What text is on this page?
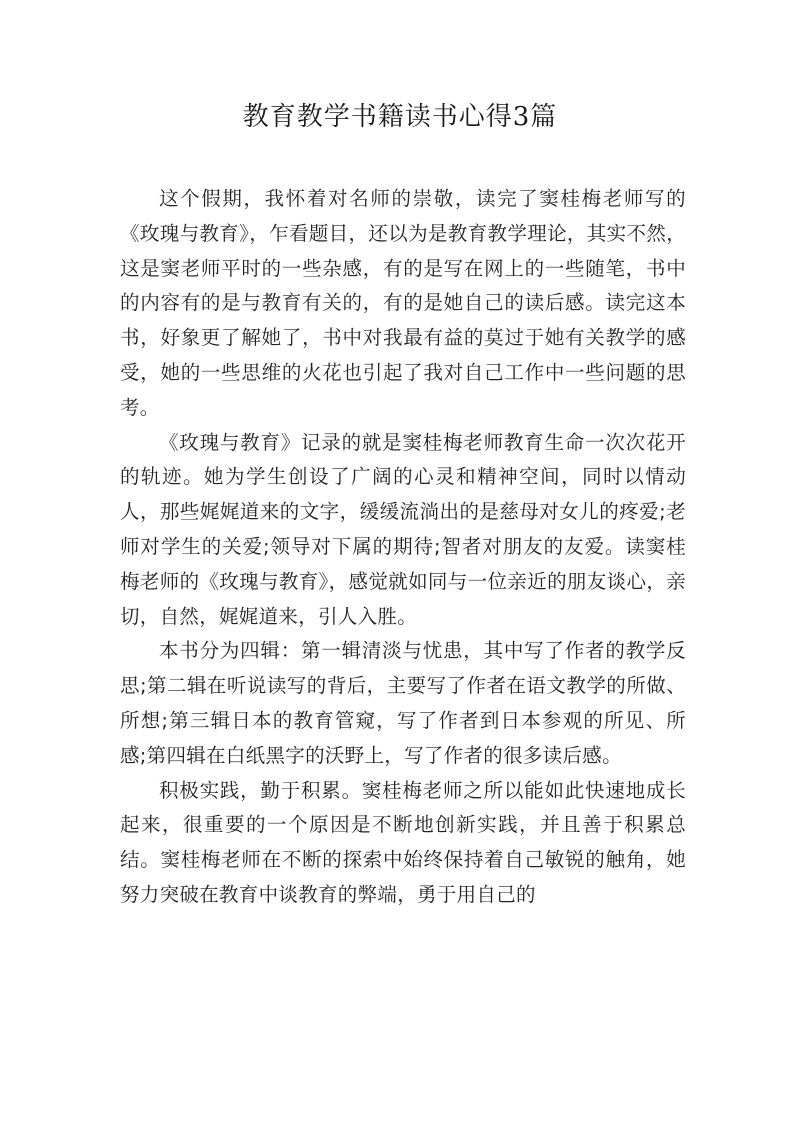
教育教学书籍读书心得3篇

这个假期，我怀着对名师的崇敬，读完了窦桂梅老师写的《玫瑰与教育》，乍看题目，还以为是教育教学理论，其实不然，这是窦老师平时的一些杂感，有的是写在网上的一些随笔，书中的内容有的是与教育有关的，有的是她自己的读后感。读完这本书，好象更了解她了，书中对我最有益的莫过于她有关教学的感受，她的一些思维的火花也引起了我对自己工作中一些问题的思考。

《玫瑰与教育》记录的就是窦桂梅老师教育生命一次次花开的轨迹。她为学生创设了广阔的心灵和精神空间，同时以情动人，那些娓娓道来的文字，缓缓流淌出的是慈母对女儿的疼爱;老师对学生的关爱;领导对下属的期待;智者对朋友的友爱。读窦桂梅老师的《玫瑰与教育》，感觉就如同与一位亲近的朋友谈心，亲切，自然，娓娓道来，引人入胜。

本书分为四辑：第一辑清淡与忧患，其中写了作者的教学反思;第二辑在听说读写的背后，主要写了作者在语文教学的所做、所想;第三辑日本的教育管窥，写了作者到日本参观的所见、所感;第四辑在白纸黑字的沃野上，写了作者的很多读后感。

积极实践，勤于积累。窦桂梅老师之所以能如此快速地成长起来，很重要的一个原因是不断地创新实践，并且善于积累总结。窦桂梅老师在不断的探索中始终保持着自己敏锐的触角，她努力突破在教育中谈教育的弊端，勇于用自己的
